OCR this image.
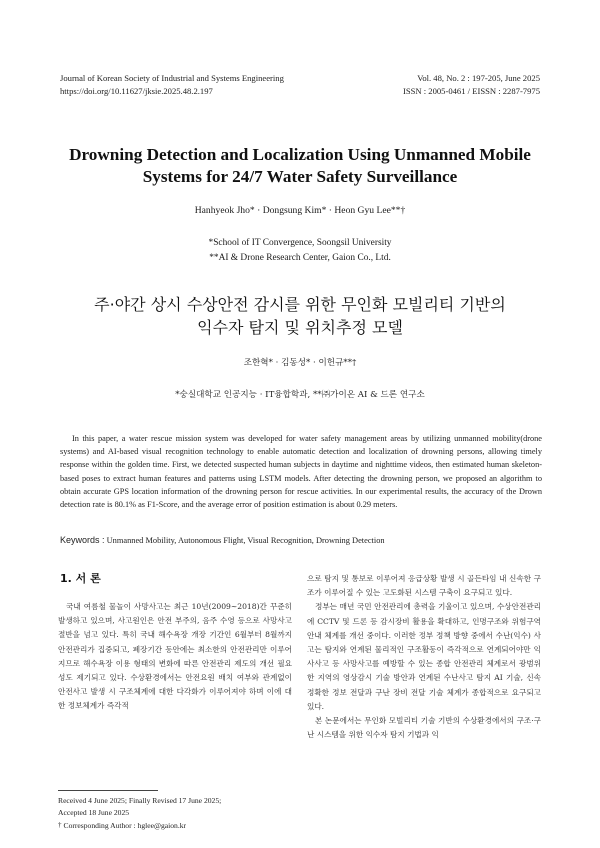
Journal of Korean Society of Industrial and Systems Engineering
https://doi.org/10.11627/jksie.2025.48.2.197
Vol. 48, No. 2 : 197-205, June 2025
ISSN : 2005-0461 / EISSN : 2287-7975
Drowning Detection and Localization Using Unmanned Mobile
Systems for 24/7 Water Safety Surveillance
Hanhyeok Jho* · Dongsung Kim* · Heon Gyu Lee**†
*School of IT Convergence, Soongsil University
**AI & Drone Research Center, Gaion Co., Ltd.
주·야간 상시 수상안전 감시를 위한 무인화 모빌리티 기반의
익수자 탐지 및 위치추정 모델
조한혁* · 김동성* · 이헌규**†
*숭실대학교 인공지능 · IT융합학과, **㈜가이온 AI & 드론 연구소
In this paper, a water rescue mission system was developed for water safety management areas by utilizing unmanned mobility(drone systems) and AI-based visual recognition technology to enable automatic detection and localization of drowning persons, allowing timely response within the golden time. First, we detected suspected human subjects in daytime and nighttime videos, then estimated human skeleton-based poses to extract human features and patterns using LSTM models. After detecting the drowning person, we proposed an algorithm to obtain accurate GPS location information of the drowning person for rescue activities. In our experimental results, the accuracy of the Drown detection rate is 80.1% as F1-Score, and the average error of position estimation is about 0.29 meters.
Keywords : Unmanned Mobility, Autonomous Flight, Visual Recognition, Drowning Detection
1. 서 론

국내 여름철 물놀이 사망사고는 최근 10년(2009∼2018)간 꾸준히 발생하고 있으며, 사고원인은 안전 부주의, 음주 수영 등으로 사망사고 절반을 넘고 있다. 특히 국내 해수욕장 개장 기간인 6월부터 8월까지 안전관리가 집중되고, 폐장기간 동안에는 최소한의 안전관리만 이루어지므로 해수욕장 이용 형태의 변화에 따른 안전관리 제도의 개선 필요성도 제기되고 있다. 수상환경에서는 안전요원 배치 여부와 관계없이 안전사고 발생 시 구조체계에 대한 다각화가 이루어져야 하며 이에 대한 정보체계가 즉각적

으로 탐지 및 통보로 이루어져 응급상황 발생 시 골든타임 내 신속한 구조가 이루어질 수 있는 고도화된 시스템 구축이 요구되고 있다.

정부는 매년 국민 안전관리에 총력을 기울이고 있으며, 수상안전관리에 CCTV 및 드론 등 감시장비 활용을 확대하고, 인명구조와 위험구역 안내 체계를 개선 중이다. 이러한 정부 정책 방향 중에서 수난(익수) 사고는 탐지와 연계된 물리적인 구조활동이 즉각적으로 연계되어야만 익사사고 등 사망사고를 예방할 수 있는 종합 안전관리 체계로서 광범위한 지역의 영상감시 기술 방안과 연계된 수난사고 탐지 AI 기술, 신속 정확한 정보 전달과 구난 장비 전달 기술 체계가 종합적으로 요구되고 있다.

본 논문에서는 무인화 모빌리티 기술 기반의 수상환경에서의 구조·구난 시스템을 위한 익수자 탐지 기법과 익

Received 4 June 2025; Finally Revised 17 June 2025;
Accepted 18 June 2025
† Corresponding Author : hglee@gaion.kr
